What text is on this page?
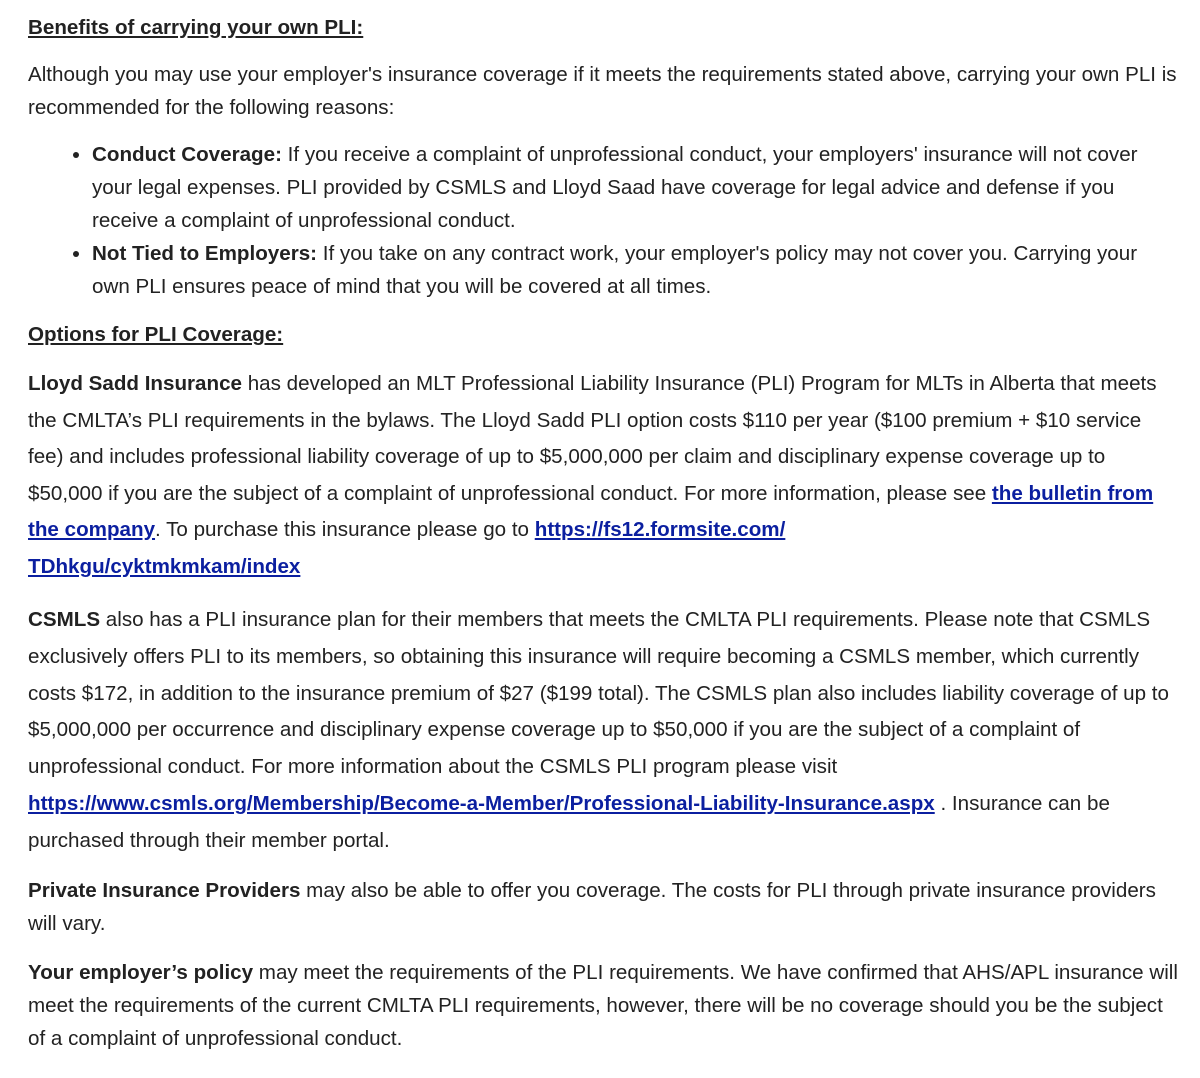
Benefits of carrying your own PLI:

Although you may use your employer's insurance coverage if it meets the requirements stated above, carrying your own PLI is recommended for the following reasons:

• Conduct Coverage: If you receive a complaint of unprofessional conduct, your employers' insurance will not cover your legal expenses. PLI provided by CSMLS and Lloyd Saad have coverage for legal advice and defense if you receive a complaint of unprofessional conduct.
• Not Tied to Employers: If you take on any contract work, your employer's policy may not cover you. Carrying your own PLI ensures peace of mind that you will be covered at all times.

Options for PLI Coverage:

Lloyd Sadd Insurance has developed an MLT Professional Liability Insurance (PLI) Program for MLTs in Alberta that meets the CMLTA’s PLI requirements in the bylaws. The Lloyd Sadd PLI option costs $110 per year ($100 premium + $10 service fee) and includes professional liability coverage of up to $5,000,000 per claim and disciplinary expense coverage up to $50,000 if you are the subject of a complaint of unprofessional conduct. For more information, please see the bulletin from the company. To purchase this insurance please go to https://fs12.formsite.com/
TDhkgu/cyktmkmkam/index

CSMLS also has a PLI insurance plan for their members that meets the CMLTA PLI requirements. Please note that CSMLS exclusively offers PLI to its members, so obtaining this insurance will require becoming a CSMLS member, which currently costs $172, in addition to the insurance premium of $27 ($199 total). The CSMLS plan also includes liability coverage of up to $5,000,000 per occurrence and disciplinary expense coverage up to $50,000 if you are the subject of a complaint of unprofessional conduct. For more information about the CSMLS PLI program please visit https://www.csmls.org/Membership/Become-a-Member/Professional-Liability-Insurance.aspx . Insurance can be purchased through their member portal.

Private Insurance Providers may also be able to offer you coverage. The costs for PLI through private insurance providers will vary.

Your employer’s policy may meet the requirements of the PLI requirements. We have confirmed that AHS/APL insurance will meet the requirements of the current CMLTA PLI requirements, however, there will be no coverage should you be the subject of a complaint of unprofessional conduct.
